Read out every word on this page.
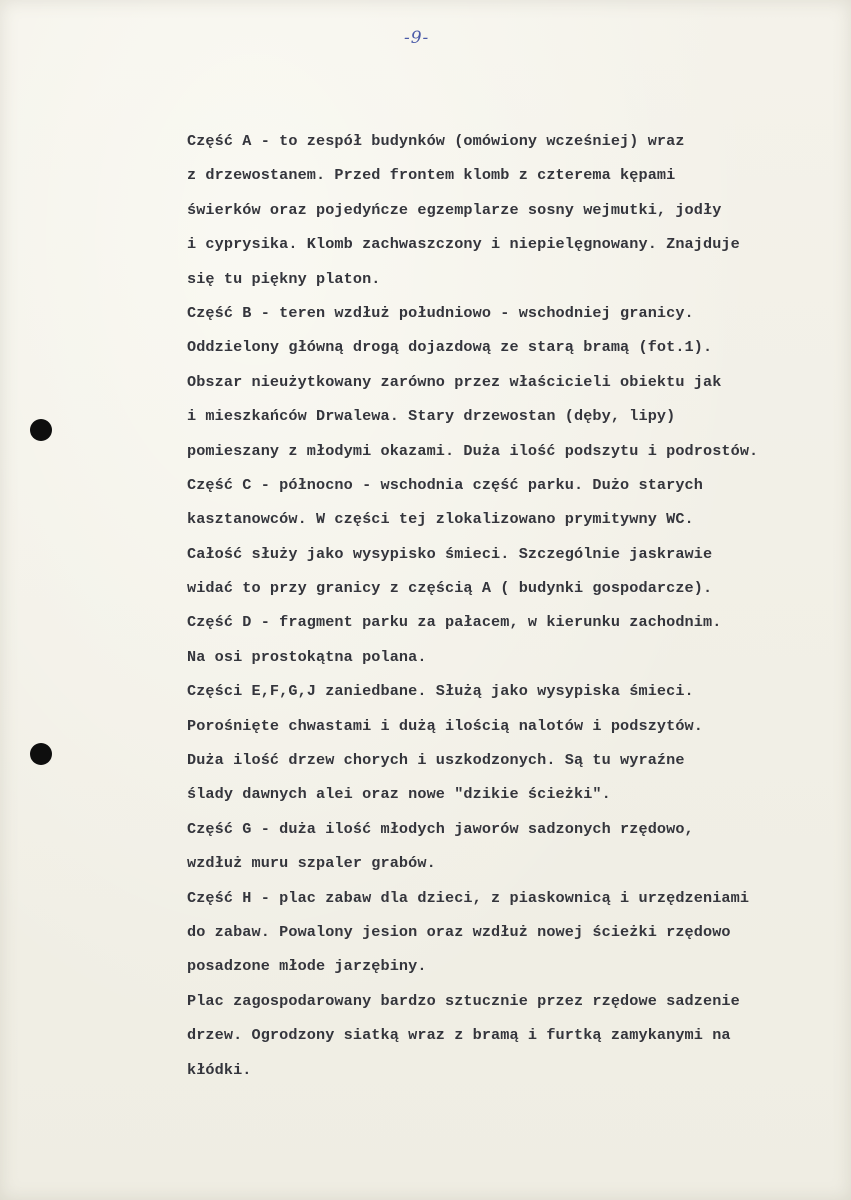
-9-
Część A - to zespół budynków (omówiony wcześniej) wraz
z drzewostanem. Przed frontem klomb z czterema kępami
świerków oraz pojedyńcze egzemplarze sosny wejmutki, jodły
i cyprysika. Klomb zachwaszczony i niepielęgnowany. Znajduje
się tu piękny platon.
Część B - teren wzdłuż południowo - wschodniej granicy.
Oddzielony główną drogą dojazdową ze starą bramą (fot.1).
Obszar nieużytkowany zarówno przez właścicieli obiektu jak
i mieszkańców Drwalewa. Stary drzewostan (dęby, lipy)
pomieszany z młodymi okazami. Duża ilość podszytu i podrostów.
Część C - północno - wschodnia część parku. Dużo starych
kasztanowców. W części tej zlokalizowano prymitywny WC.
Całość służy jako wysypisko śmieci. Szczególnie jaskrawie
widać to przy granicy z częścią A ( budynki gospodarcze).
Część D - fragment parku za pałacem, w kierunku zachodnim.
Na osi prostokątna polana.
Części E,F,G,J zaniedbane. Służą jako wysypiska śmieci.
Porośnięte chwastami i dużą ilością nalotów i podszytów.
Duża ilość drzew chorych i uszkodzonych. Są tu wyraźne
ślady dawnych alei oraz nowe "dzikie ścieżki".
Część G - duża ilość młodych jaworów sadzonych rzędowo,
wzdłuż muru szpaler grabów.
Część H - plac zabaw dla dzieci, z piaskownicą i urzędzeniami
do zabaw. Powalony jesion oraz wzdłuż nowej ścieżki rzędowo
posadzone młode jarzębiny.
Plac zagospodarowany bardzo sztucznie przez rzędowe sadzenie
drzew. Ogrodzony siatką wraz z bramą i furtką zamykanymi na
kłódki.
